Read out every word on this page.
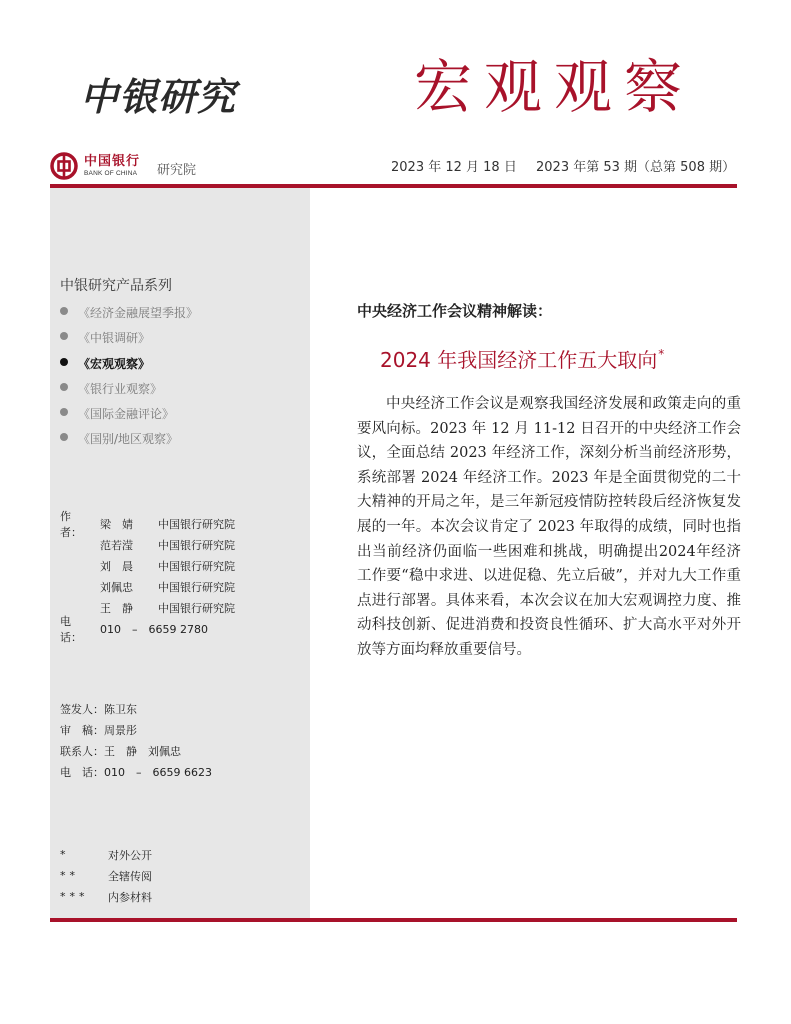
中银研究	宏观观察
中国银行
BANK OF CHINA 研究院	2023 年 12 月 18 日 2023 年第 53 期（总第 508 期）
中银研究产品系列
《经济金融展望季报》
《中银调研》
《宏观观察》
《银行业观察》
《国际金融评论》
《国别/地区观察》
作　者：
梁　婧	中国银行研究院
范若滢	中国银行研究院
刘　晨	中国银行研究院
刘佩忠	中国银行研究院
王　静	中国银行研究院
电　话：
010　–　6659 2780
签发人： 陈卫东
审　稿： 周景彤
联系人： 王　静　刘佩忠
电　话： 010　–　6659 6623
*	对外公开
**	全辖传阅
***	内参材料
中央经济工作会议精神解读：
2024 年我国经济工作五大取向*
中央经济工作会议是观察我国经济发展和政策走向的重要风向标。2023 年 12 月 11-12 日召开的中央经济工作会议，全面总结 2023 年经济工作，深刻分析当前经济形势，系统部署 2024 年经济工作。2023 年是全面贯彻党的二十大精神的开局之年，是三年新冠疫情防控转段后经济恢复发展的一年。本次会议肯定了 2023 年取得的成绩，同时也指出当前经济仍面临一些困难和挑战，明确提出2024年经济工作要“稳中求进、以进促稳、先立后破”，并对九大工作重点进行部署。具体来看，本次会议在加大宏观调控力度、推动科技创新、促进消费和投资良性循环、扩大高水平对外开放等方面均释放重要信号。
